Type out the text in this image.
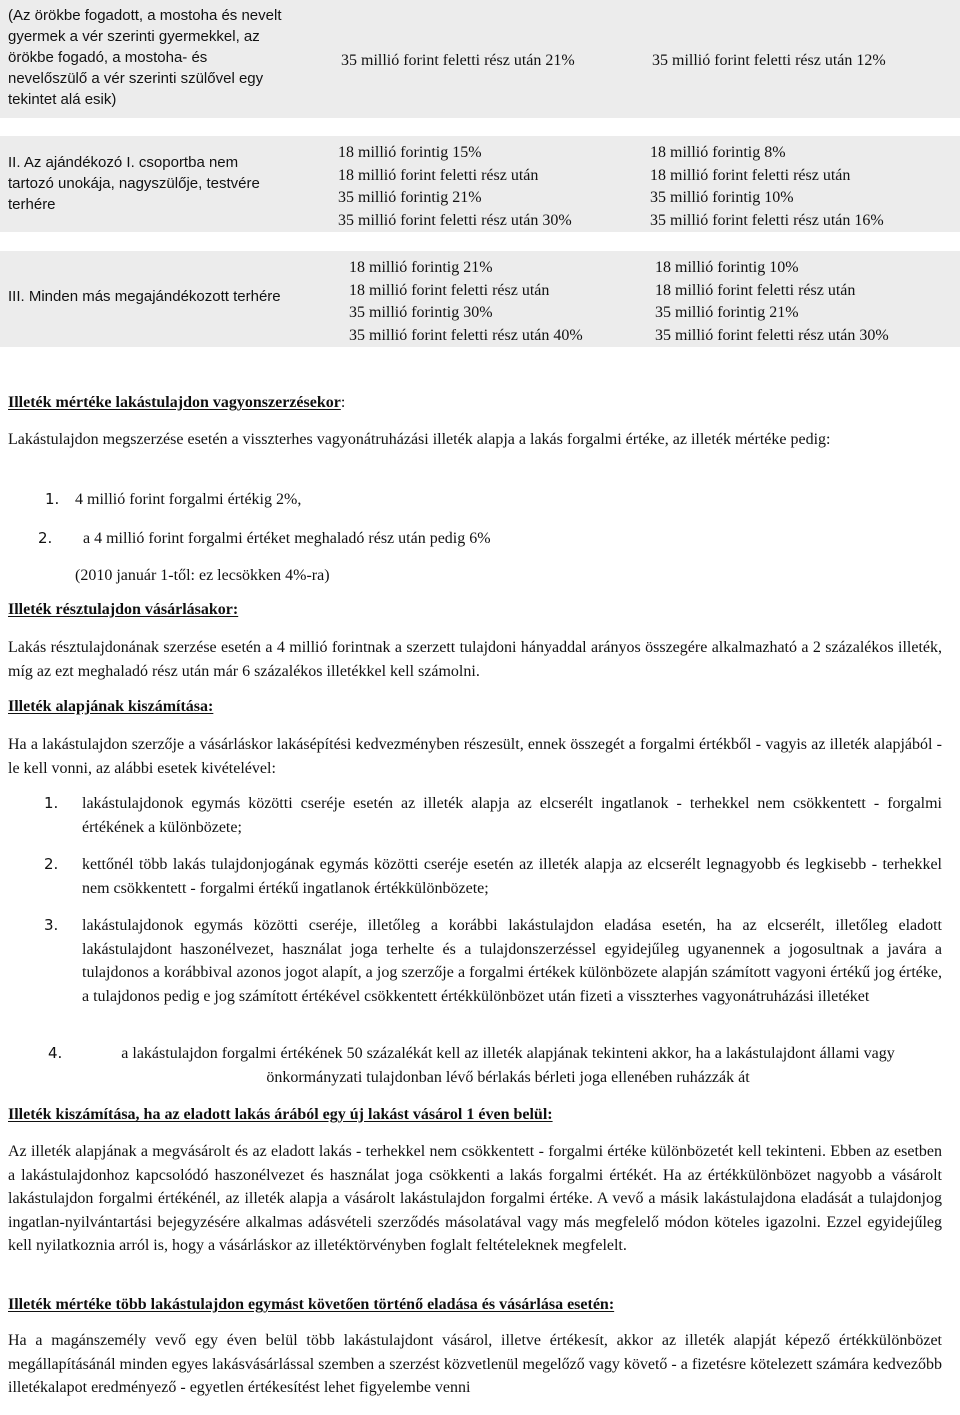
(Az örökbe fogadott, a mostoha és nevelt
gyermek a vér szerinti gyermekkel, az
örökbe fogadó, a mostoha- és
nevelőszülő a vér szerinti szülővel egy
tekintet alá esik)
35 millió forint feletti rész után 21%	35 millió forint feletti rész után 12%
II. Az ajándékozó I. csoportba nem
tartozó unokája, nagyszülője, testvére
terhére
18 millió forintig 15%
18 millió forint feletti rész után
35 millió forintig 21%
35 millió forint feletti rész után 30%
18 millió forintig 8%
18 millió forint feletti rész után
35 millió forintig 10%
35 millió forint feletti rész után 16%
III. Minden más megajándékozott terhére
18 millió forintig 21%
18 millió forint feletti rész után
35 millió forintig 30%
35 millió forint feletti rész után 40%
18 millió forintig 10%
18 millió forint feletti rész után
35 millió forintig 21%
35 millió forint feletti rész után 30%
Illeték mértéke lakástulajdon vagyonszerzésekor:
Lakástulajdon megszerzése esetén a visszterhes vagyonátruházási illeték alapja a lakás forgalmi értéke, az illeték mértéke pedig:
1. 4 millió forint forgalmi értékig 2%,
2. a 4 millió forint forgalmi értéket meghaladó rész után pedig 6%
(2010 január 1-től: ez lecsökken 4%-ra)
Illeték résztulajdon vásárlásakor:
Lakás résztulajdonának szerzése esetén a 4 millió forintnak a szerzett tulajdoni hányaddal arányos összegére alkalmazható a 2 százalékos illeték, míg az ezt meghaladó rész után már 6 százalékos illetékkel kell számolni.
Illeték alapjának kiszámítása:
Ha a lakástulajdon szerzője a vásárláskor lakásépítési kedvezményben részesült, ennek összegét a forgalmi értékből - vagyis az illeték alapjából - le kell vonni, az alábbi esetek kivételével:
1. lakástulajdonok egymás közötti cseréje esetén az illeték alapja az elcserélt ingatlanok - terhekkel nem csökkentett - forgalmi értékének a különbözete;
2. kettőnél több lakás tulajdonjogának egymás közötti cseréje esetén az illeték alapja az elcserélt legnagyobb és legkisebb - terhekkel nem csökkentett - forgalmi értékű ingatlanok értékkülönbözete;
3. lakástulajdonok egymás közötti cseréje, illetőleg a korábbi lakástulajdon eladása esetén, ha az elcserélt, illetőleg eladott lakástulajdont haszonélvezet, használat joga terhelte és a tulajdonszerzéssel egyidejűleg ugyanennek a jogosultnak a javára a tulajdonos a korábbival azonos jogot alapít, a jog szerzője a forgalmi értékek különbözete alapján számított vagyoni értékű jog értéke, a tulajdonos pedig e jog számított értékével csökkentett értékkülönbözet után fizeti a visszterhes vagyonátruházási illetéket
4.	a lakástulajdon forgalmi értékének 50 százalékát kell az illeték alapjának tekinteni akkor, ha a lakástulajdont állami vagy önkormányzati tulajdonban lévő bérlakás bérleti joga ellenében ruházzák át
Illeték kiszámítása, ha az eladott lakás árából egy új lakást vásárol 1 éven belül:
Az illeték alapjának a megvásárolt és az eladott lakás - terhekkel nem csökkentett - forgalmi értéke különbözetét kell tekinteni. Ebben az esetben a lakástulajdonhoz kapcsolódó haszonélvezet és használat joga csökkenti a lakás forgalmi értékét. Ha az értékkülönbözet nagyobb a vásárolt lakástulajdon forgalmi értékénél, az illeték alapja a vásárolt lakástulajdon forgalmi értéke. A vevő a másik lakástulajdona eladását a tulajdonjog ingatlan-nyilvántartási bejegyzésére alkalmas adásvételi szerződés másolatával vagy más megfelelő módon köteles igazolni. Ezzel egyidejűleg kell nyilatkoznia arról is, hogy a vásárláskor az illetéktörvényben foglalt feltételeknek megfelelt.
Illeték mértéke több lakástulajdon egymást követően történő eladása és vásárlása esetén:
Ha a magánszemély vevő egy éven belül több lakástulajdont vásárol, illetve értékesít, akkor az illeték alapját képező értékkülönbözet megállapításánál minden egyes lakásvásárlással szemben a szerzést közvetlenül megelőző vagy követő - a fizetésre kötelezett számára kedvezőbb illetékalapot eredményező - egyetlen értékesítést lehet figyelembe venni
